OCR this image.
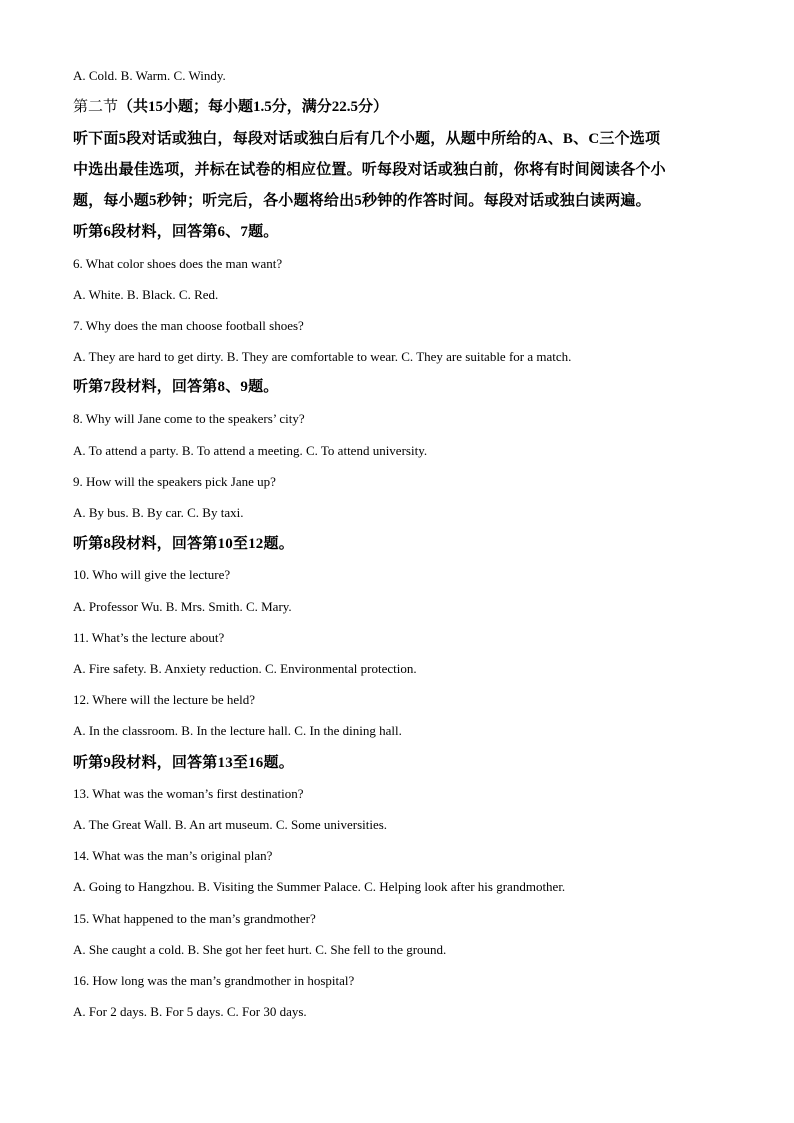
A. Cold. B. Warm. C. Windy.
第二节（共15小题；每小题1.5分，满分22.5分）
听下面5段对话或独白，每段对话或独白后有几个小题，从题中所给的A、B、C三个选项
中选出最佳选项，并标在试卷的相应位置。听每段对话或独白前，你将有时间阅读各个小
题，每小题5秒钟；听完后，各小题将给出5秒钟的作答时间。每段对话或独白读两遍。
听第6段材料，回答第6、7题。
6. What color shoes does the man want?
A. White. B. Black. C. Red.
7. Why does the man choose football shoes?
A. They are hard to get dirty. B. They are comfortable to wear. C. They are suitable for a match.
听第7段材料，回答第8、9题。
8. Why will Jane come to the speakers’ city?
A. To attend a party. B. To attend a meeting. C. To attend university.
9. How will the speakers pick Jane up?
A. By bus. B. By car. C. By taxi.
听第8段材料，回答第10至12题。
10. Who will give the lecture?
A. Professor Wu. B. Mrs. Smith. C. Mary.
11. What’s the lecture about?
A. Fire safety. B. Anxiety reduction. C. Environmental protection.
12. Where will the lecture be held?
A. In the classroom. B. In the lecture hall. C. In the dining hall.
听第9段材料，回答第13至16题。
13. What was the woman’s first destination?
A. The Great Wall. B. An art museum. C. Some universities.
14. What was the man’s original plan?
A. Going to Hangzhou. B. Visiting the Summer Palace. C. Helping look after his grandmother.
15. What happened to the man’s grandmother?
A. She caught a cold. B. She got her feet hurt. C. She fell to the ground.
16. How long was the man’s grandmother in hospital?
A. For 2 days. B. For 5 days. C. For 30 days.
